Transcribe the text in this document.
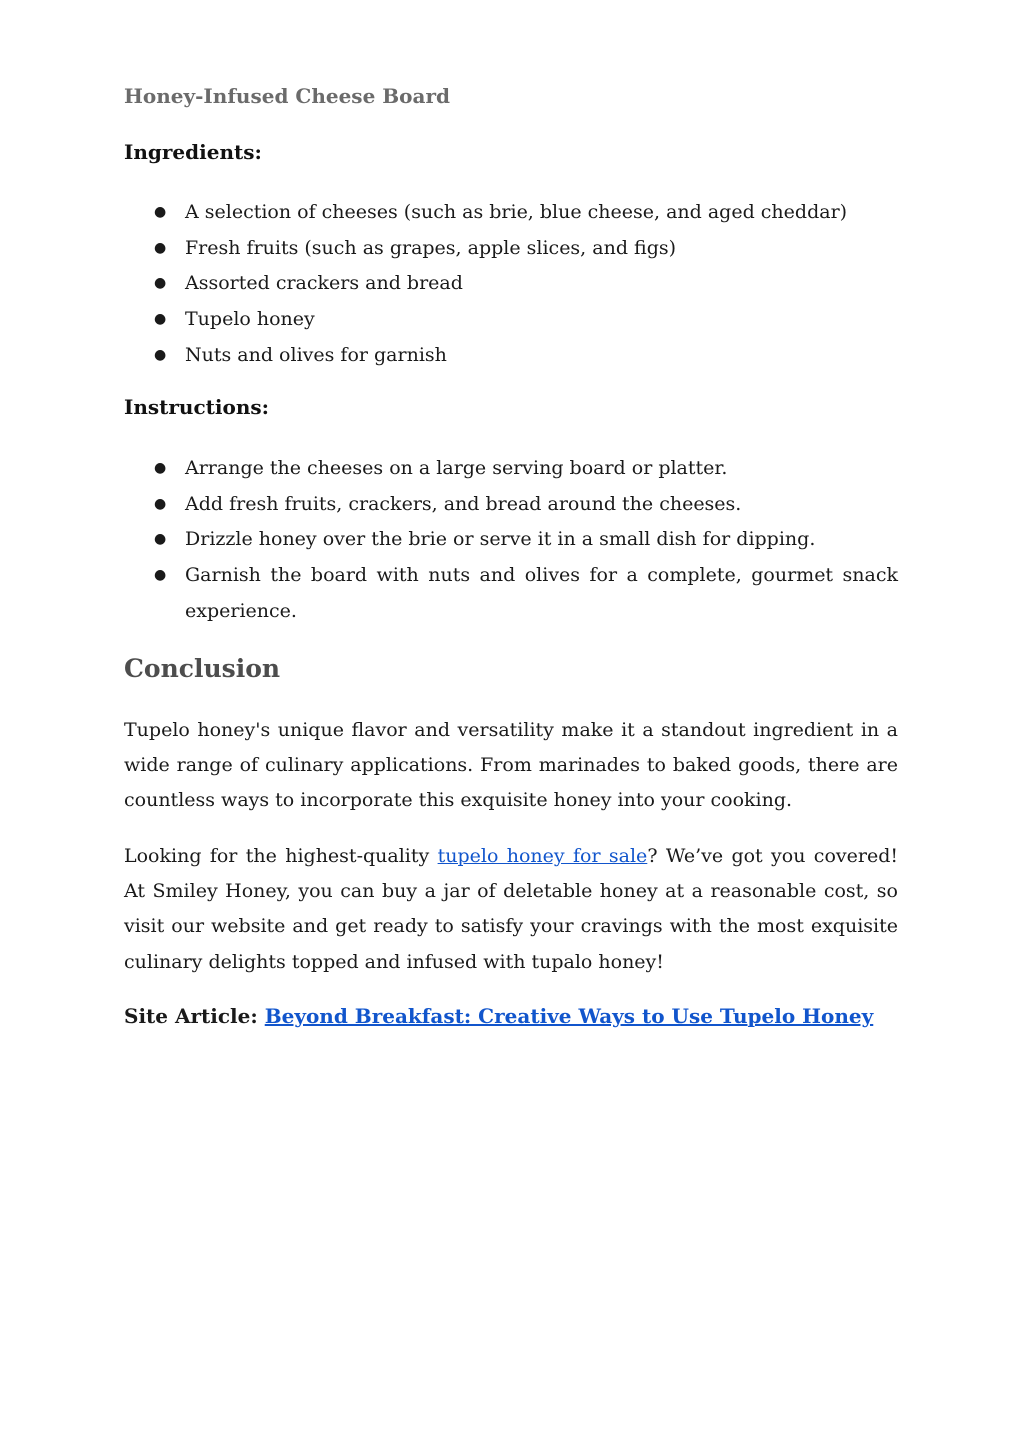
Honey-Infused Cheese Board

Ingredients:

● A selection of cheeses (such as brie, blue cheese, and aged cheddar)
● Fresh fruits (such as grapes, apple slices, and figs)
● Assorted crackers and bread
● Tupelo honey
● Nuts and olives for garnish

Instructions:

● Arrange the cheeses on a large serving board or platter.
● Add fresh fruits, crackers, and bread around the cheeses.
● Drizzle honey over the brie or serve it in a small dish for dipping.
● Garnish the board with nuts and olives for a complete, gourmet snack experience.
Conclusion

Tupelo honey's unique flavor and versatility make it a standout ingredient in a wide range of culinary applications. From marinades to baked goods, there are countless ways to incorporate this exquisite honey into your cooking.

Looking for the highest-quality tupelo honey for sale? We’ve got you covered! At Smiley Honey, you can buy a jar of deletable honey at a reasonable cost, so visit our website and get ready to satisfy your cravings with the most exquisite culinary delights topped and infused with tupalo honey!

Site Article: Beyond Breakfast: Creative Ways to Use Tupelo Honey
